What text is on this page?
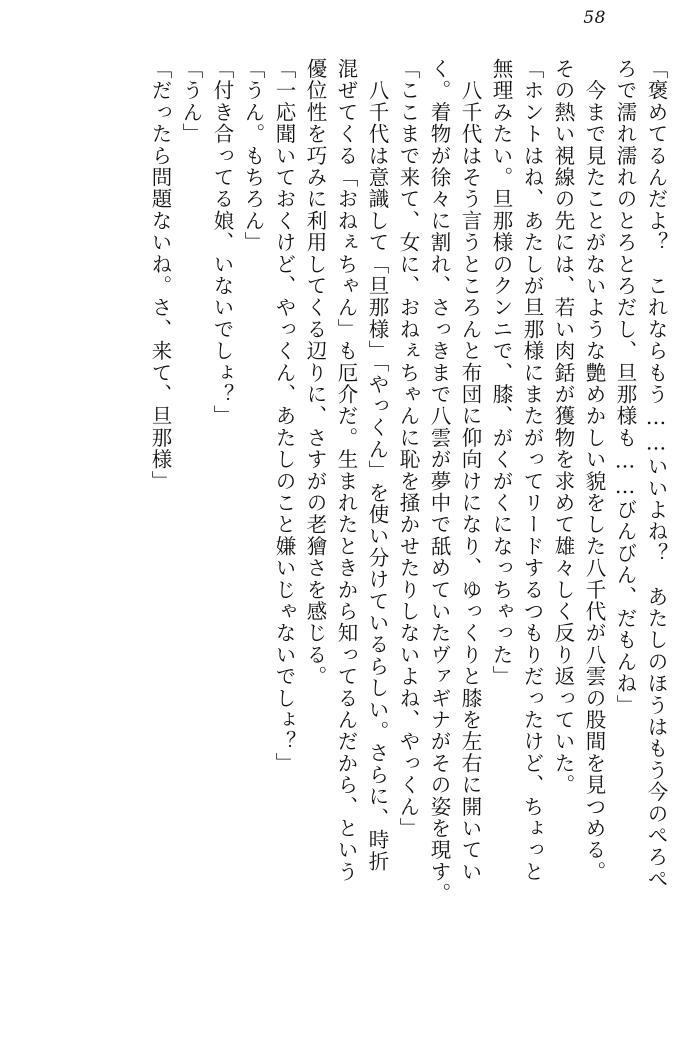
58
「褒めてるんだよ？　これならもう……いいよね？　あたしのほうはもう今のぺろぺ
ろで濡れ濡れのとろとろだし、旦那様も……びんびん、だもんね」
　今まで見たことがないような艶めかしい貌をした八千代が八雲の股間を見つめる。
その熱い視線の先には、若い肉銛が獲物を求めて雄々しく反り返っていた。
「ホントはね、あたしが旦那様にまたがってリードするつもりだったけど、ちょっと
無理みたい。旦那様のクンニで、膝、がくがくになっちゃった」
　八千代はそう言うところんと布団に仰向けになり、ゆっくりと膝を左右に開いてい
く。着物が徐々に割れ、さっきまで八雲が夢中で舐めていたヴァギナがその姿を現す。
「ここまで来て、女に、おねぇちゃんに恥を掻かせたりしないよね、やっくん」
　八千代は意識して「旦那様」「やっくん」を使い分けているらしい。さらに、時折
混ぜてくる「おねぇちゃん」も厄介だ。生まれたときから知ってるんだから、という
優位性を巧みに利用してくる辺りに、さすがの老獪さを感じる。
「一応聞いておくけど、やっくん、あたしのこと嫌いじゃないでしょ？」
「うん。もちろん」
「付き合ってる娘、いないでしょ？」
「うん」
「だったら問題ないね。さ、来て、旦那様」
